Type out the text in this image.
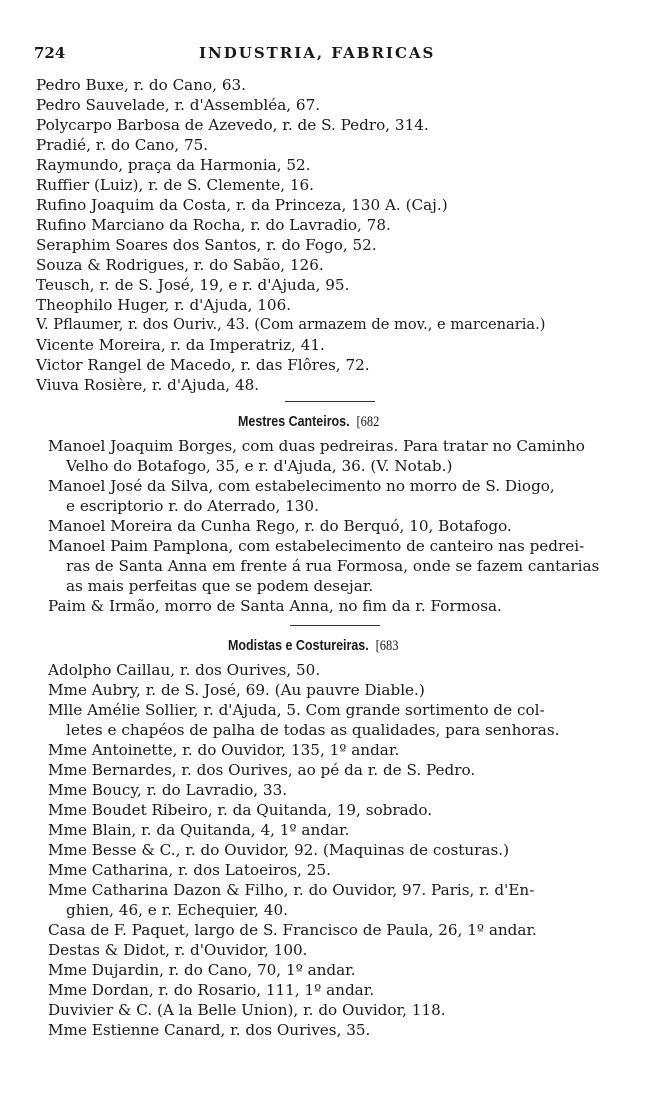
724	INDUSTRIA, FABRICAS
Pedro Buxe, r. do Cano, 63.
Pedro Sauvelade, r. d'Assembléa, 67.
Polycarpo Barbosa de Azevedo, r. de S. Pedro, 314.
Pradié, r. do Cano, 75.
Raymundo, praça da Harmonia, 52.
Ruffier (Luiz), r. de S. Clemente, 16.
Rufino Joaquim da Costa, r. da Princeza, 130 A. (Caj.)
Rufino Marciano da Rocha, r. do Lavradio, 78.
Seraphim Soares dos Santos, r. do Fogo, 52.
Souza & Rodrigues, r. do Sabão, 126.
Teusch, r. de S. José, 19, e r. d'Ajuda, 95.
Theophilo Huger, r. d'Ajuda, 106.
V. Pflaumer, r. dos Ouriv., 43. (Com armazem de mov., e marcenaria.)
Vicente Moreira, r. da Imperatriz, 41.
Victor Rangel de Macedo, r. das Flôres, 72.
Viuva Rosière, r. d'Ajuda, 48.
Mestres Canteiros. [682
Manoel Joaquim Borges, com duas pedreiras. Para tratar no Caminho
Velho do Botafogo, 35, e r. d'Ajuda, 36. (V. Notab.)
Manoel José da Silva, com estabelecimento no morro de S. Diogo,
e escriptorio r. do Aterrado, 130.
Manoel Moreira da Cunha Rego, r. do Berquó, 10, Botafogo.
Manoel Paim Pamplona, com estabelecimento de canteiro nas pedrei-
ras de Santa Anna em frente á rua Formosa, onde se fazem cantarias
as mais perfeitas que se podem desejar.
Paim & Irmão, morro de Santa Anna, no fim da r. Formosa.
Modistas e Costureiras. [683
Adolpho Caillau, r. dos Ourives, 50.
Mme Aubry, r. de S. José, 69. (Au pauvre Diable.)
Mlle Amélie Sollier, r. d'Ajuda, 5. Com grande sortimento de col-
letes e chapéos de palha de todas as qualidades, para senhoras.
Mme Antoinette, r. do Ouvidor, 135, 1º andar.
Mme Bernardes, r. dos Ourives, ao pé da r. de S. Pedro.
Mme Boucy, r. do Lavradio, 33.
Mme Boudet Ribeiro, r. da Quitanda, 19, sobrado.
Mme Blain, r. da Quitanda, 4, 1º andar.
Mme Besse & C., r. do Ouvidor, 92. (Maquinas de costuras.)
Mme Catharina, r. dos Latoeiros, 25.
Mme Catharina Dazon & Filho, r. do Ouvidor, 97. Paris, r. d'En-
ghien, 46, e r. Echequier, 40.
Casa de F. Paquet, largo de S. Francisco de Paula, 26, 1º andar.
Destas & Didot, r. d'Ouvidor, 100.
Mme Dujardin, r. do Cano, 70, 1º andar.
Mme Dordan, r. do Rosario, 111, 1º andar.
Duvivier & C. (A la Belle Union), r. do Ouvidor, 118.
Mme Estienne Canard, r. dos Ourives, 35.
